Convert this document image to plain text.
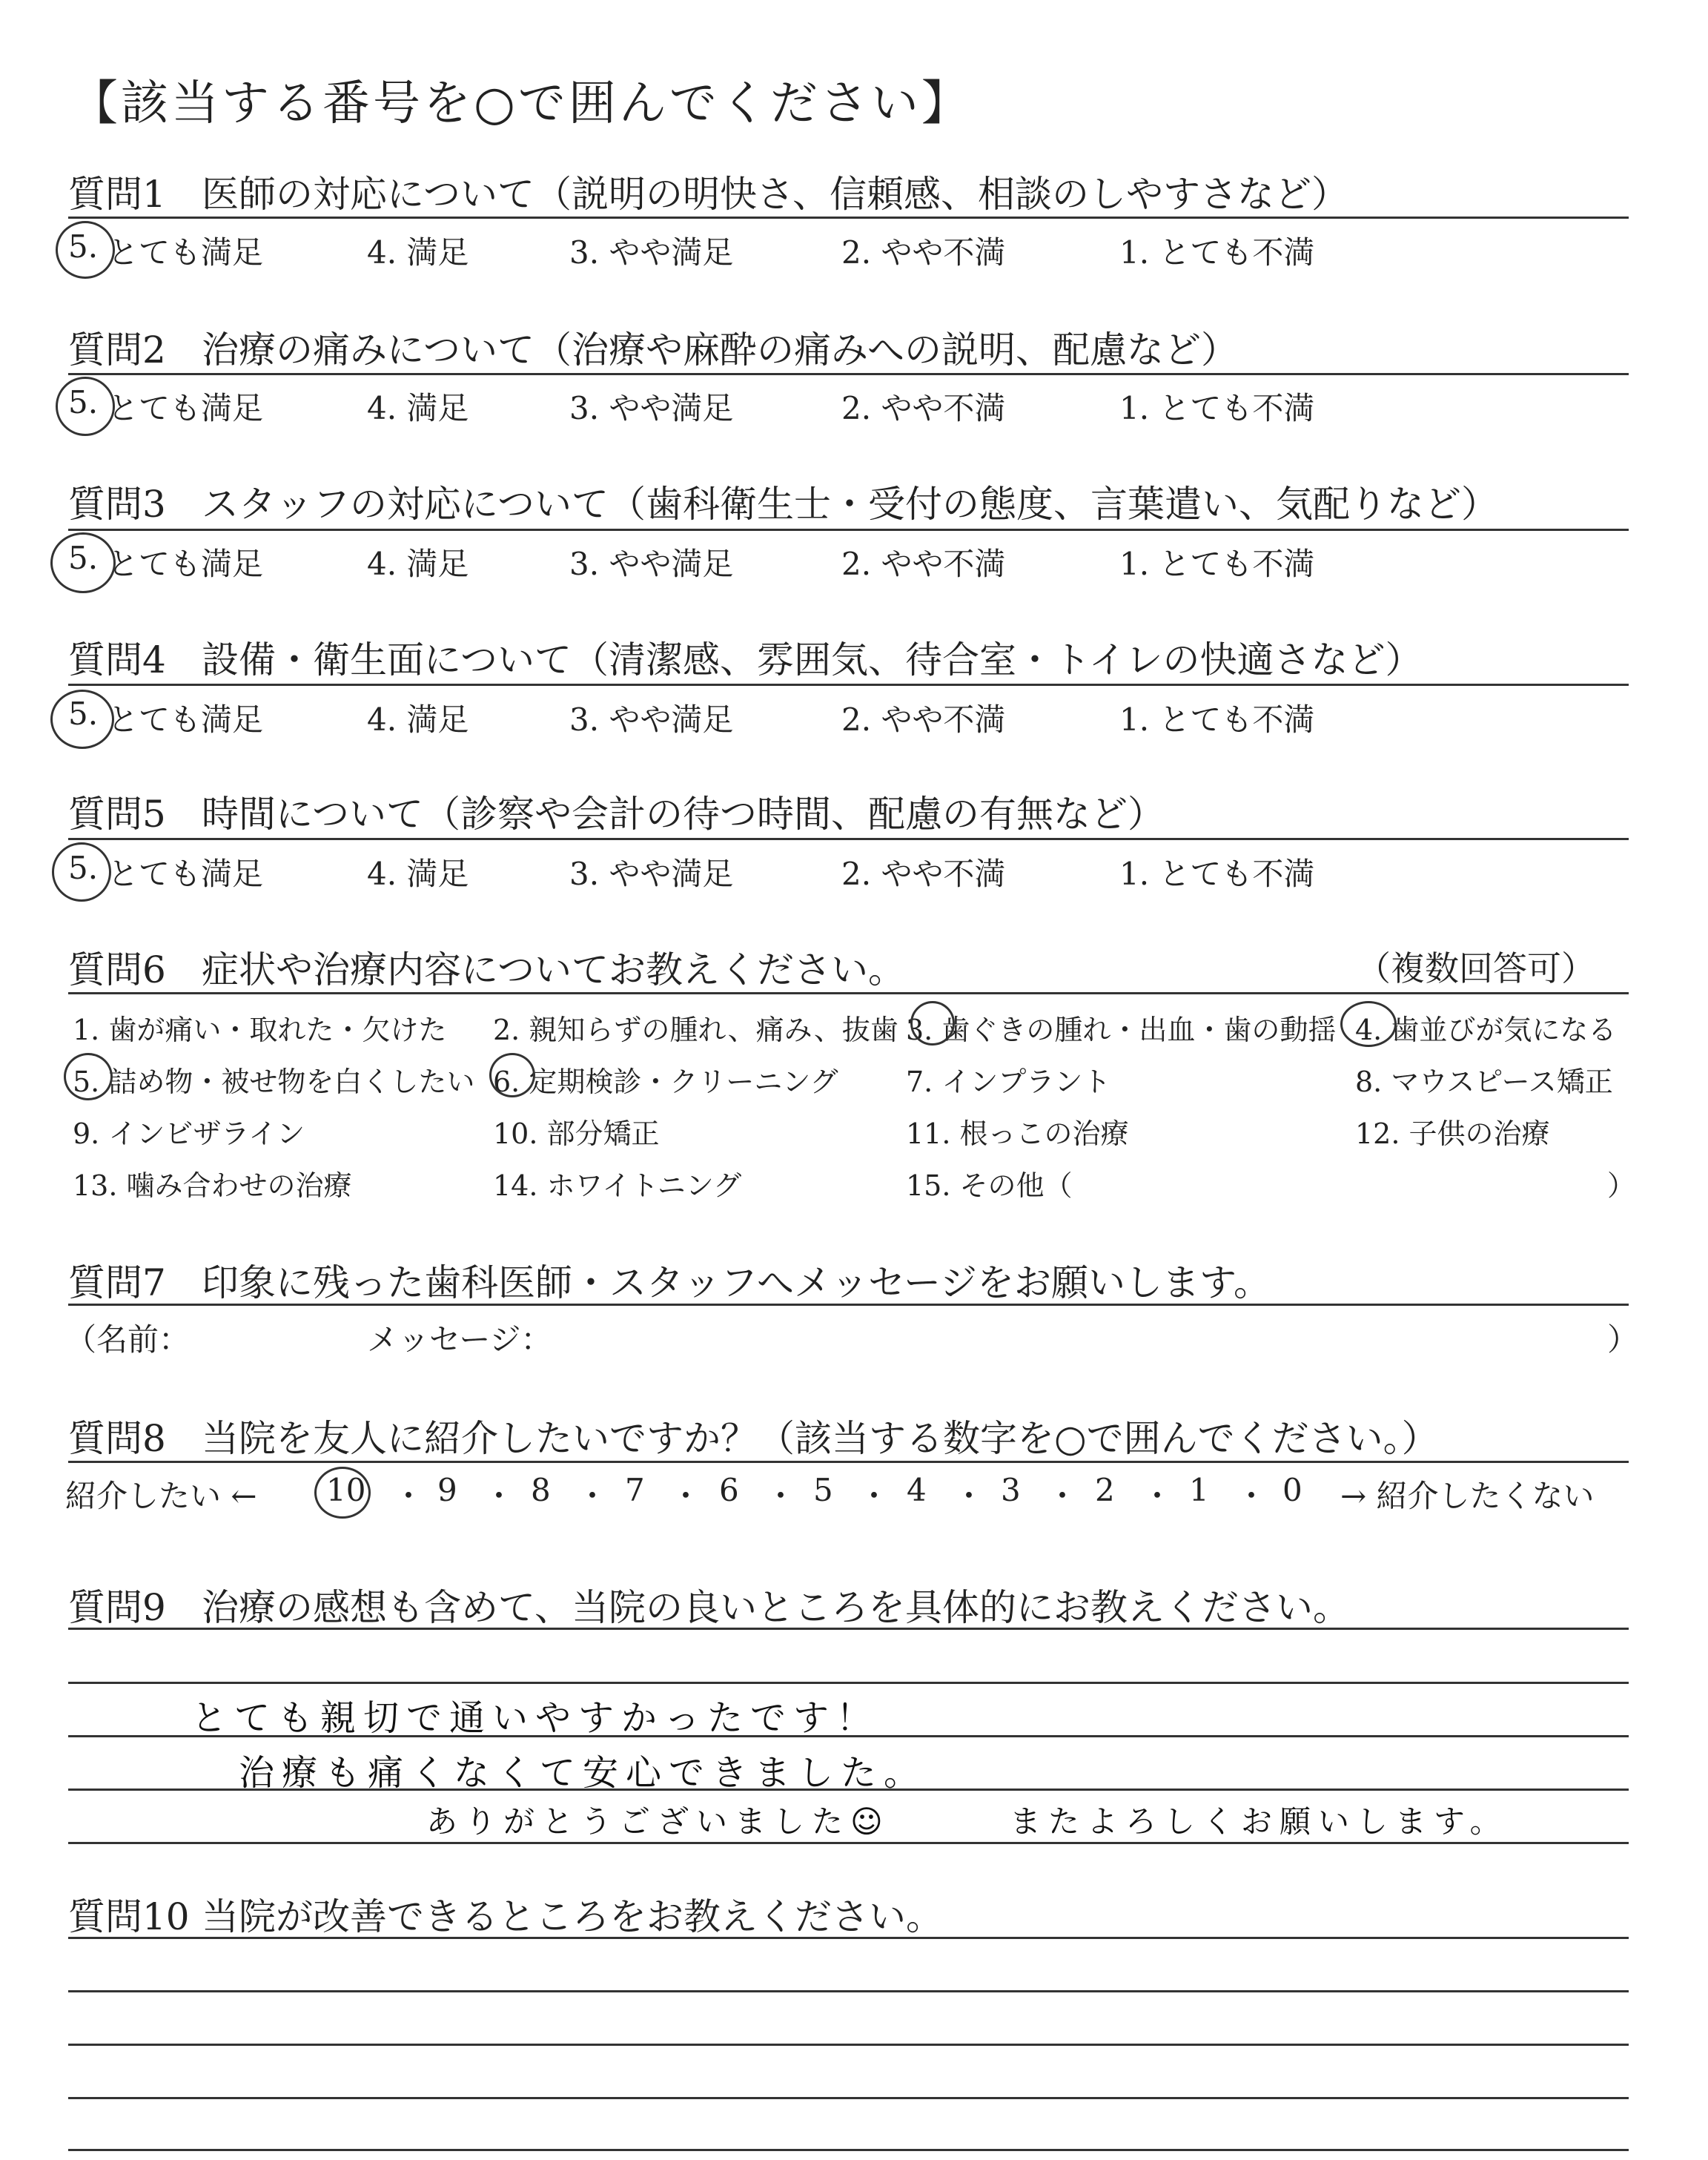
【該当する番号を○で囲んでください】
質問1 医師の対応について（説明の明快さ、信頼感、相談のしやすさなど）
5. とても満足	4. 満足	3. やや満足	2. やや不満	1. とても不満
質問2 治療の痛みについて（治療や麻酔の痛みへの説明、配慮など）
5. とても満足	4. 満足	3. やや満足	2. やや不満	1. とても不満
質問3 スタッフの対応について（歯科衛生士・受付の態度、言葉遣い、気配りなど）
5. とても満足	4. 満足	3. やや満足	2. やや不満	1. とても不満
質問4 設備・衛生面について（清潔感、雰囲気、待合室・トイレの快適さなど）
5. とても満足	4. 満足	3. やや満足	2. やや不満	1. とても不満
質問5 時間について（診察や会計の待つ時間、配慮の有無など）
5. とても満足	4. 満足	3. やや満足	2. やや不満	1. とても不満
質問6 症状や治療内容についてお教えください。	（複数回答可）
1. 歯が痛い・取れた・欠けた 2. 親知らずの腫れ、痛み、抜歯 3. 歯ぐきの腫れ・出血・歯の動揺 4. 歯並びが気になる
5. 詰め物・被せ物を白くしたい 6. 定期検診・クリーニング 7. インプラント	8. マウスピース矯正
9. インビザライン	10. 部分矯正	11. 根っこの治療	12. 子供の治療
13. 噛み合わせの治療	14. ホワイトニング	15. その他（	）
質問7 印象に残った歯科医師・スタッフへメッセージをお願いします。
（名前：	メッセージ：	）
質問8 当院を友人に紹介したいですか？（該当する数字を○で囲んでください。）
紹介したい ← 10 ・ 9 ・ 8 ・ 7 ・ 6 ・ 5 ・ 4 ・ 3 ・ 2 ・ 1 ・ 0 → 紹介したくない
質問9 治療の感想も含めて、当院の良いところを具体的にお教えください。
とても親切で通いやすかったです！
治療も痛くなくて安心できました。
ありがとうございました☺	またよろしくお願いします。
質問10 当院が改善できるところをお教えください。
